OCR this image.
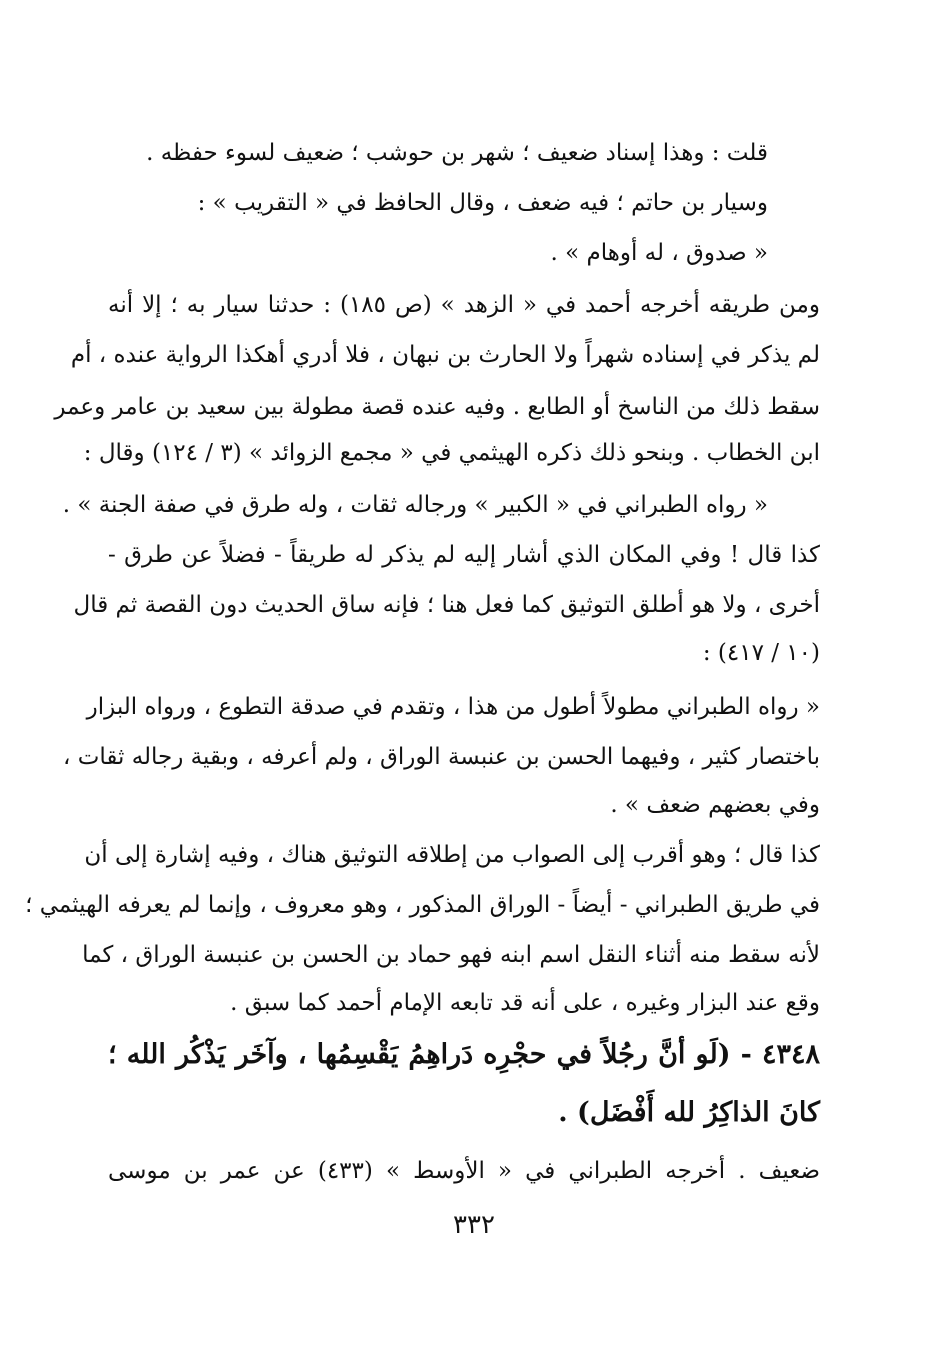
قلت : وهذا إسناد ضعيف ؛ شهر بن حوشب ؛ ضعيف لسوء حفظه .
وسيار بن حاتم ؛ فيه ضعف ، وقال الحافظ في « التقريب » :
« صدوق ، له أوهام » .
ومن طريقه أخرجه أحمد في « الزهد » (ص ١٨٥) : حدثنا سيار به ؛ إلا أنه
لم يذكر في إسناده شهراً ولا الحارث بن نبهان ، فلا أدري أهكذا الرواية عنده ، أم
سقط ذلك من الناسخ أو الطابع . وفيه عنده قصة مطولة بين سعيد بن عامر وعمر
ابن الخطاب . وبنحو ذلك ذكره الهيثمي في « مجمع الزوائد » (٣ / ١٢٤) وقال :
« رواه الطبراني في « الكبير » ورجاله ثقات ، وله طرق في صفة الجنة » .
كذا قال ! وفي المكان الذي أشار إليه لم يذكر له طريقاً - فضلاً عن طرق -
أخرى ، ولا هو أطلق التوثيق كما فعل هنا ؛ فإنه ساق الحديث دون القصة ثم قال
(١٠ / ٤١٧) :
« رواه الطبراني مطولاً أطول من هذا ، وتقدم في صدقة التطوع ، ورواه البزار
باختصار كثير ، وفيهما الحسن بن عنبسة الوراق ، ولم أعرفه ، وبقية رجاله ثقات ،
وفي بعضهم ضعف » .
كذا قال ؛ وهو أقرب إلى الصواب من إطلاقه التوثيق هناك ، وفيه إشارة إلى أن
في طريق الطبراني - أيضاً - الوراق المذكور ، وهو معروف ، وإنما لم يعرفه الهيثمي ؛
لأنه سقط منه أثناء النقل اسم ابنه فهو حماد بن الحسن بن عنبسة الوراق ، كما
وقع عند البزار وغيره ، على أنه قد تابعه الإمام أحمد كما سبق .
٤٣٤٨ - (لَو أنَّ رجُلاً في حجْرِه دَراهِمُ يَقْسِمُها ، وآخَر يَذْكُر الله ؛
كانَ الذاكِرُ لله أَفْضَل) .
ضعيف . أخرجه الطبراني في « الأوسط » (٤٣٣) عن عمر بن موسى
٣٣٢
